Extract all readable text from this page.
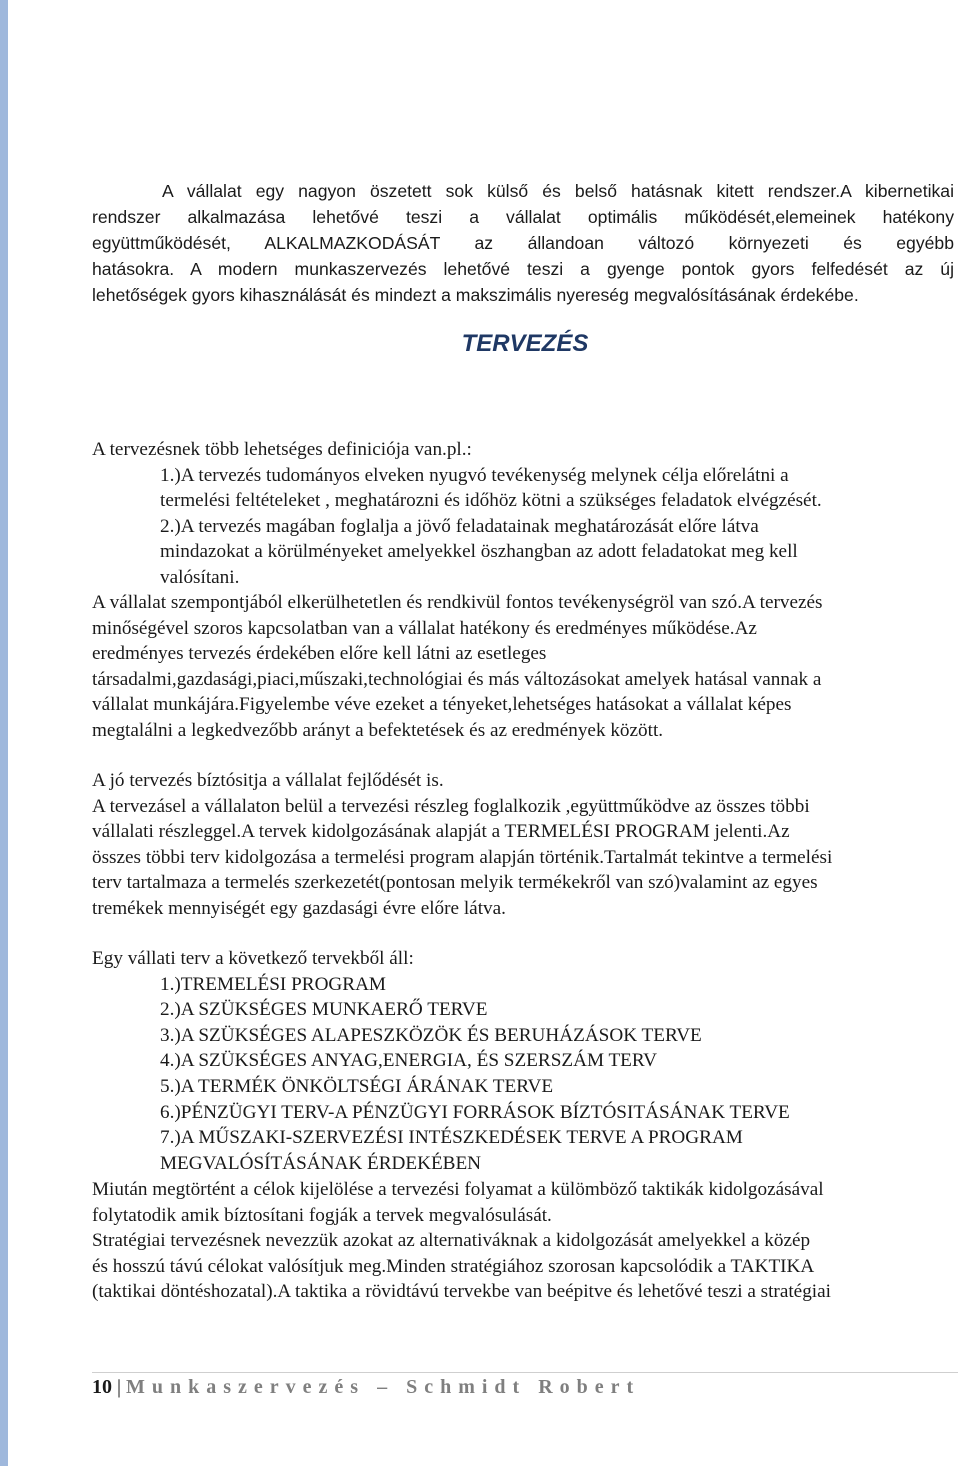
A vállalat egy nagyon öszetett sok külső és belső hatásnak kitett rendszer.A kibernetikai
rendszer alkalmazása lehetővé teszi a vállalat optimális működését,elemeinek hatékony
együttműködését, ALKALMAZKODÁSÁT az állandoan változó környezeti és egyébb
hatásokra. A modern munkaszervezés lehetővé teszi a gyenge pontok gyors felfedését az új
lehetőségek gyors kihasználását és mindezt a makszimális nyereség megvalósításának érdekébe.
TERVEZÉS
A tervezésnek több lehetséges definiciója van.pl.:
1.)A tervezés tudományos elveken nyugvó tevékenység melynek célja előrelátni a
termelési feltételeket , meghatározni és időhöz kötni a szükséges feladatok elvégzését.
2.)A tervezés magában foglalja a jövő feladatainak meghatározását előre látva
mindazokat a körülményeket amelyekkel öszhangban az adott feladatokat meg kell
valósítani.
A vállalat szempontjából elkerülhetetlen és rendkivül fontos tevékenységröl van szó.A tervezés
minőségével szoros kapcsolatban van a vállalat hatékony és eredményes működése.Az
eredményes tervezés érdekében előre kell látni az esetleges
társadalmi,gazdasági,piaci,műszaki,technológiai és más változásokat amelyek hatásal vannak a
vállalat munkájára.Figyelembe véve ezeket a tényeket,lehetséges hatásokat a vállalat képes
megtalálni a legkedvezőbb arányt a befektetések és az eredmények között.
A jó tervezés bíztósitja a vállalat fejlődését is.
A tervezásel a vállalaton belül a tervezési részleg foglalkozik ,együttműködve az összes többi
vállalati részleggel.A tervek kidolgozásának alapját a TERMELÉSI PROGRAM jelenti.Az
összes többi terv kidolgozása a termelési program alapján történik.Tartalmát tekintve a termelési
terv tartalmaza a termelés szerkezetét(pontosan melyik termékekről van szó)valamint az egyes
tremékek mennyiségét egy gazdasági évre előre látva.
Egy vállati terv a következő tervekből áll:
1.)TREMELÉSI PROGRAM
2.)A SZÜKSÉGES MUNKAERŐ TERVE
3.)A SZÜKSÉGES ALAPESZKÖZÖK ÉS BERUHÁZÁSOK TERVE
4.)A SZÜKSÉGES ANYAG,ENERGIA, ÉS SZERSZÁM TERV
5.)A TERMÉK ÖNKÖLTSÉGI ÁRÁNAK TERVE
6.)PÉNZÜGYI TERV-A PÉNZÜGYI FORRÁSOK BÍZTÓSITÁSÁNAK TERVE
7.)A MŰSZAKI-SZERVEZÉSI INTÉSZKEDÉSEK TERVE A PROGRAM
MEGVALÓSÍTÁSÁNAK ÉRDEKÉBEN
Miután megtörtént a célok kijelölése a tervezési folyamat a külömböző taktikák kidolgozásával
folytatodik amik bíztosítani fogják a tervek megvalósulását.
Stratégiai tervezésnek nevezzük azokat az alternativáknak a kidolgozását amelyekkel a közép
és hosszú távú célokat valósítjuk meg.Minden stratégiához szorosan kapcsolódik a TAKTIKA
(taktikai döntéshozatal).A taktika a rövidtávú tervekbe van beépitve és lehetővé teszi a stratégiai
10 | Munkaszervezés – Schmidt Robert
